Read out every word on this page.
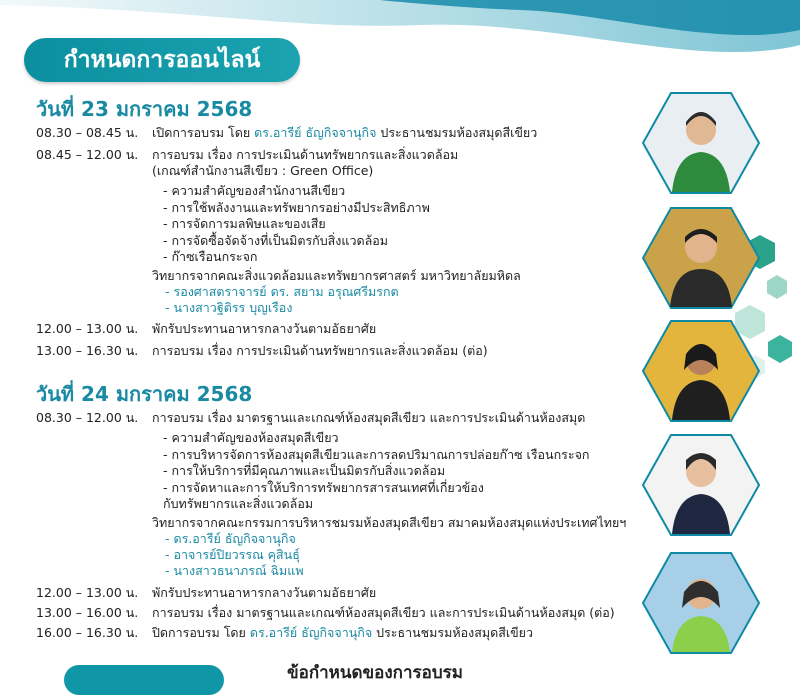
กำหนดการออนไลน์
วันที่ 23 มกราคม 2568
08.30 – 08.45 น. เปิดการอบรม โดย ดร.อารีย์ ธัญกิจจานุกิจ ประธานชมรมห้องสมุดสีเขียว
08.45 – 12.00 น. การอบรม เรื่อง การประเมินด้านทรัพยากรและสิ่งแวดล้อม
(เกณฑ์สำนักงานสีเขียว : Green Office)
- ความสำคัญของสำนักงานสีเขียว
- การใช้พลังงานและทรัพยากรอย่างมีประสิทธิภาพ
- การจัดการมลพิษและของเสีย
- การจัดซื้อจัดจ้างที่เป็นมิตรกับสิ่งแวดล้อม
- ก๊าซเรือนกระจก
วิทยากรจากคณะสิ่งแวดล้อมและทรัพยากรศาสตร์ มหาวิทยาลัยมหิดล
- รองศาสตราจารย์ ดร. สยาม อรุณศรีมรกต
- นางสาวฐิติรร บุญเรือง
12.00 – 13.00 น. พักรับประทานอาหารกลางวันตามอัธยาศัย
13.00 – 16.30 น. การอบรม เรื่อง การประเมินด้านทรัพยากรและสิ่งแวดล้อม (ต่อ)
วันที่ 24 มกราคม 2568
08.30 – 12.00 น. การอบรม เรื่อง มาตรฐานและเกณฑ์ห้องสมุดสีเขียว และการประเมินด้านห้องสมุด
- ความสำคัญของห้องสมุดสีเขียว
- การบริหารจัดการห้องสมุดสีเขียวและการลดปริมาณการปล่อยก๊าซ เรือนกระจก
- การให้บริการที่มีคุณภาพและเป็นมิตรกับสิ่งแวดล้อม
- การจัดหาและการให้บริการทรัพยากรสารสนเทศที่เกี่ยวข้อง
กับทรัพยากรและสิ่งแวดล้อม
วิทยากรจากคณะกรรมการบริหารชมรมห้องสมุดสีเขียว สมาคมห้องสมุดแห่งประเทศไทยฯ
- ดร.อารีย์ ธัญกิจจานุกิจ
- อาจารย์ปิยวรรณ คุสินธุ์
- นางสาวธนาภรณ์ ฉิมแพ
12.00 – 13.00 น. พักรับประทานอาหารกลางวันตามอัธยาศัย
13.00 – 16.00 น. การอบรม เรื่อง มาตรฐานและเกณฑ์ห้องสมุดสีเขียว และการประเมินด้านห้องสมุด (ต่อ)
16.00 – 16.30 น. ปิดการอบรม โดย ดร.อารีย์ ธัญกิจจานุกิจ ประธานชมรมห้องสมุดสีเขียว
ข้อกำหนดของการอบรม
